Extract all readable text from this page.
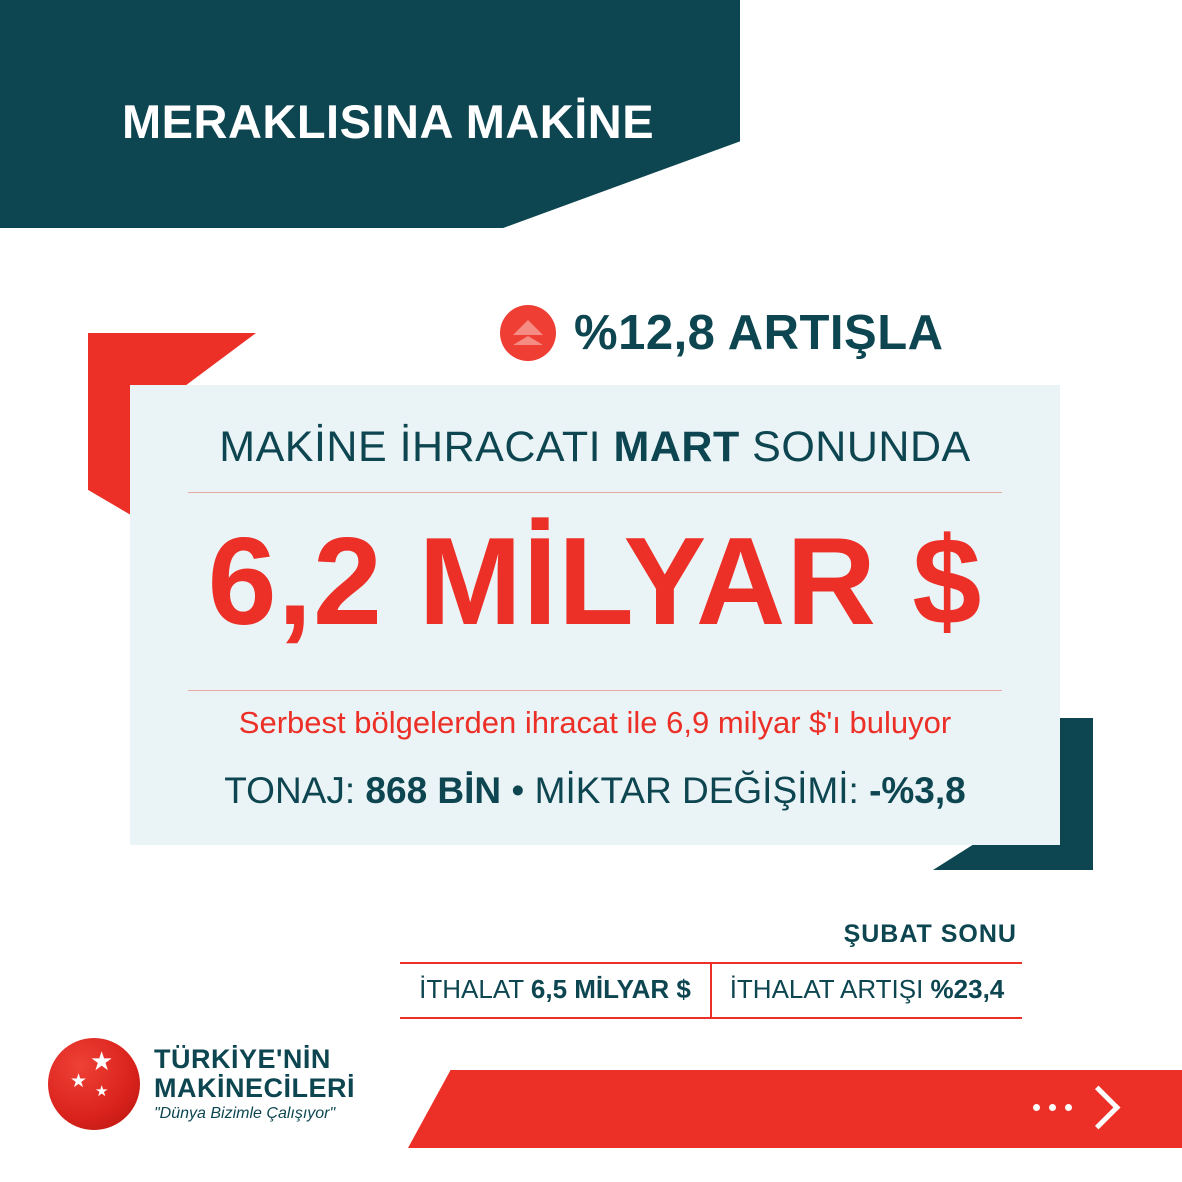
MERAKLISINA MAKİNE
%12,8 ARTIŞLA
MAKİNE İHRACATI MART SONUNDA
6,2 MİLYAR $
Serbest bölgelerden ihracat ile 6,9 milyar $'ı buluyor
TONAJ: 868 BİN • MİKTAR DEĞİŞİMİ: -%3,8
ŞUBAT SONU
İTHALAT 6,5 MİLYAR $	İTHALAT ARTIŞI %23,4
★
★ ★
TÜRKİYE'NİN
MAKİNECİLERİ
"Dünya Bizimle Çalışıyor"
